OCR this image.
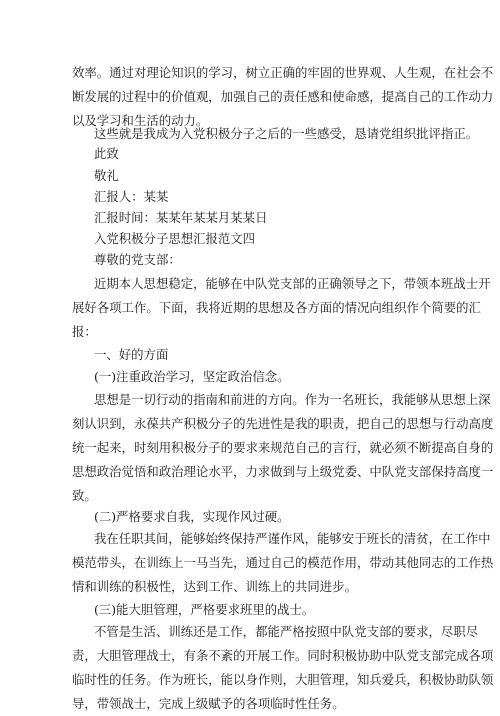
效率。通过对理论知识的学习，树立正确的牢固的世界观、人生观，在社会不
断发展的过程中的价值观，加强自己的责任感和使命感，提高自己的工作动力
以及学习和生活的动力。
这些就是我成为入党积极分子之后的一些感受，恳请党组织批评指正。
此致
敬礼
汇报人：某某
汇报时间：某某年某某月某某日
入党积极分子思想汇报范文四
尊敬的党支部：
近期本人思想稳定，能够在中队党支部的正确领导之下，带领本班战士开
展好各项工作。下面，我将近期的思想及各方面的情况向组织作个简要的汇
报：
一、好的方面
(一)注重政治学习，坚定政治信念。
思想是一切行动的指南和前进的方向。作为一名班长，我能够从思想上深
刻认识到，永葆共产积极分子的先进性是我的职责，把自己的思想与行动高度
统一起来，时刻用积极分子的要求来规范自己的言行，就必须不断提高自身的
思想政治觉悟和政治理论水平，力求做到与上级党委、中队党支部保持高度一
致。
(二)严格要求自我，实现作风过硬。
我在任职其间，能够始终保持严谨作风，能够安于班长的清贫，在工作中
模范带头，在训练上一马当先，通过自己的模范作用，带动其他同志的工作热
情和训练的积极性，达到工作、训练上的共同进步。
(三)能大胆管理，严格要求班里的战士。
不管是生活、训练还是工作，都能严格按照中队党支部的要求，尽职尽
责，大胆管理战士，有条不紊的开展工作。同时积极协助中队党支部完成各项
临时性的任务。作为班长，能以身作则，大胆管理，知兵爱兵，积极协助队领
导，带领战士，完成上级赋予的各项临时性任务。
